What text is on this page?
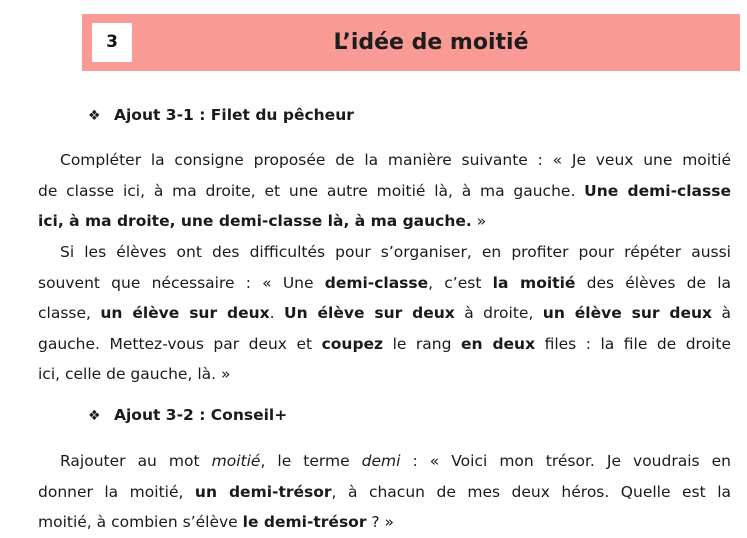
3	L’idée de moitié
❖ Ajout 3-1 : Filet du pêcheur
Compléter la consigne proposée de la manière suivante : « Je veux une moitié
de classe ici, à ma droite, et une autre moitié là, à ma gauche. Une demi-classe
ici, à ma droite, une demi-classe là, à ma gauche. »
Si les élèves ont des difficultés pour s’organiser, en profiter pour répéter aussi
souvent que nécessaire : « Une demi-classe, c’est la moitié des élèves de la
classe, un élève sur deux. Un élève sur deux à droite, un élève sur deux à
gauche. Mettez-vous par deux et coupez le rang en deux files : la file de droite
ici, celle de gauche, là. »
❖ Ajout 3-2 : Conseil+
Rajouter au mot moitié, le terme demi : « Voici mon trésor. Je voudrais en
donner la moitié, un demi-trésor, à chacun de mes deux héros. Quelle est la
moitié, à combien s’élève le demi-trésor ? »
